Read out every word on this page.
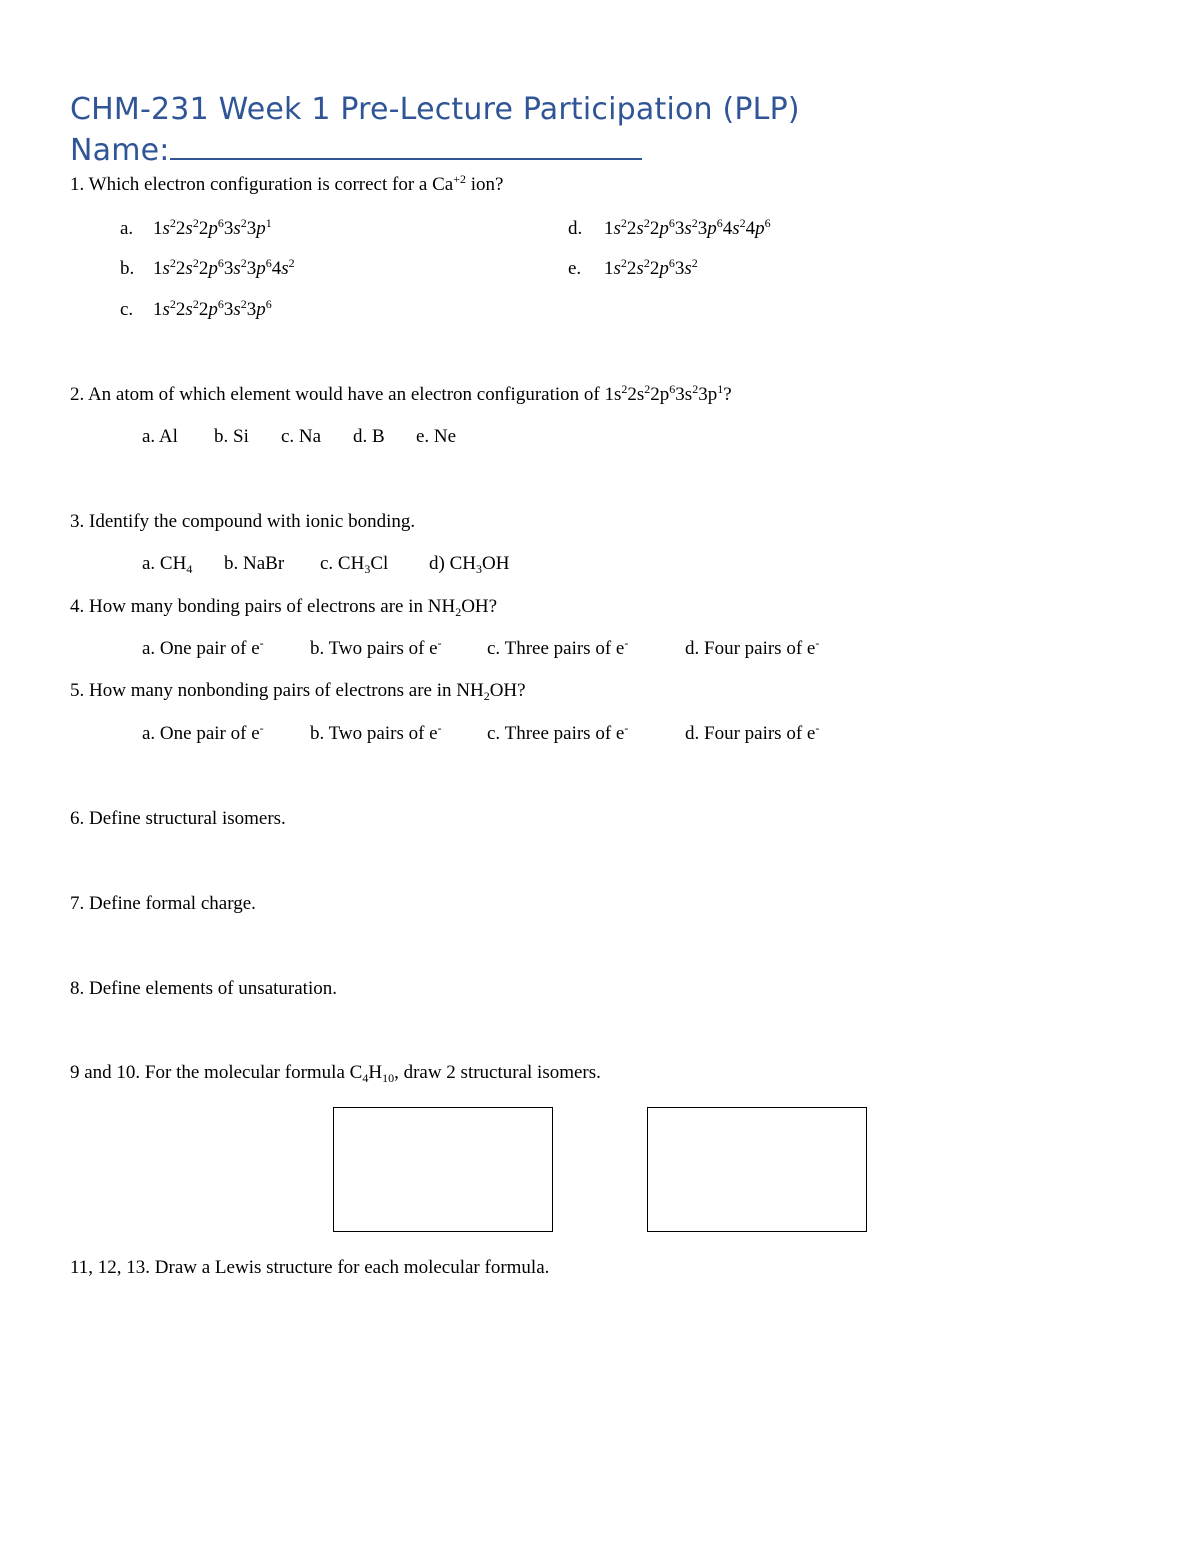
CHM-231 Week 1 Pre-Lecture Participation (PLP)
Name:
1. Which electron configuration is correct for a $Ca^{+2}$ ion?
a. $1s^22s^22p^63s^23p^1$
b. $1s^22s^22p^63s^23p^64s^2$
c. $1s^22s^22p^63s^23p^6$
d. $1s^22s^22p^63s^23p^64s^24p^6$
e. $1s^22s^22p^63s^2$
2. An atom of which element would have an electron configuration of $1s^22s^22p^63s^23p^1$?
a. Al b. Si c. Na d. B e. Ne
3. Identify the compound with ionic bonding.
a. $CH_4$ b. NaBr c. $CH_3Cl$ d) $CH_3OH$
4. How many bonding pairs of electrons are in $NH_2OH$?
a. One pair of e- b. Two pairs of e- c. Three pairs of e-	d. Four pairs of e-
5. How many nonbonding pairs of electrons are in $NH_2OH$?
a. One pair of e- b. Two pairs of e- c. Three pairs of e-	d. Four pairs of e-
6. Define structural isomers.
7. Define formal charge.
8. Define elements of unsaturation.
9 and 10. For the molecular formula $C_4H_{10}$, draw 2 structural isomers.
11, 12, 13. Draw a Lewis structure for each molecular formula.
